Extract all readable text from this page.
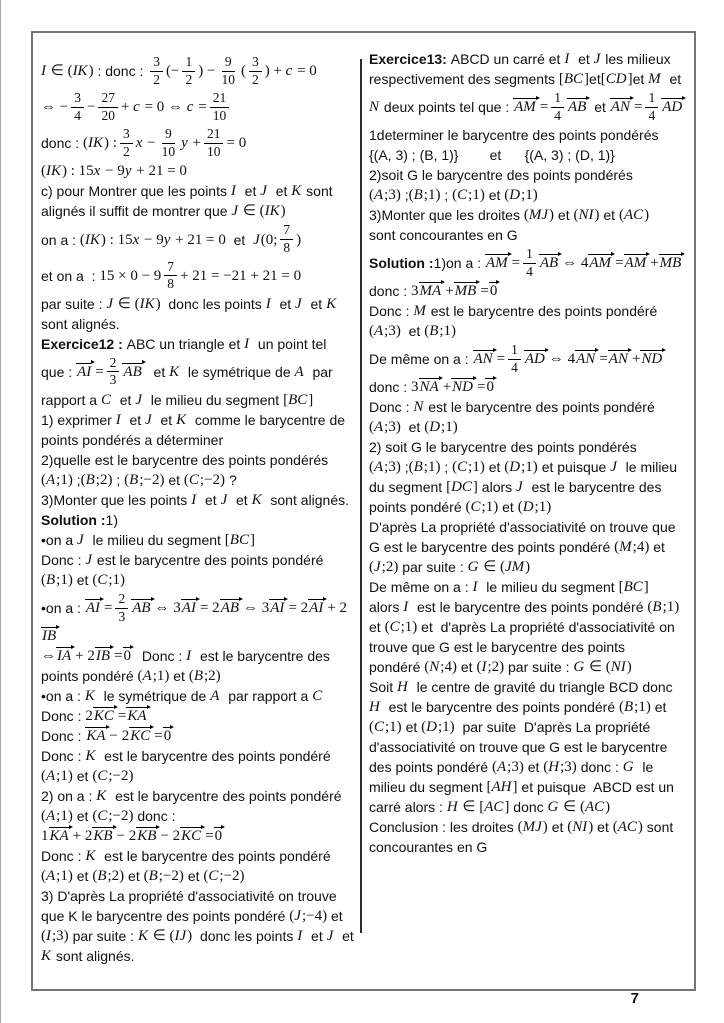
I ∈ (IK) : donc : $\frac{3}{2}$ (− $\frac{1}{2}$ ) − $\frac{9}{10}$ ( $\frac{3}{2}$ ) + c = 0
⇔ − $\frac{3}{4} - \frac{27}{20} + c = 0$ ⇔ $c = \frac{21}{10}$
donc : (IK) : $\frac{3}{2}$ $x - \frac{9}{10}$ $y + \frac{21}{10} = 0$
(IK) : 15x − 9y + 21 = 0
c) pour Montrer que les points I et J et K sont
alignés il suffit de montrer que J ∈ (IK)
on a : (IK) : 15x − 9y + 21 = 0 et J(0; $\frac{7}{8}$ )
et on a  : $15 \times 0 - 9 \frac{7}{8} + 21 = -21 + 21 = 0$
par suite : J ∈ (IK) donc les points I et J et K
sont alignés.
Exercice12 : ABC un triangle et I un point tel
que : AI = $\frac{2}{3}$ AB et K le symétrique de A par
rapport a C et J le milieu du segment [BC]
1) exprimer I et J et K comme le barycentre de
points pondérés a déterminer
2)quelle est le barycentre des points pondérés
(A;1) ; (B;2) ; (B;−2) et (C;−2) ?
3)Monter que les points I et J et K sont alignés.
Solution : 1)
•on a J le milieu du segment [BC]
Donc : J est le barycentre des points pondéré
(B;1) et (C;1)
•on a : AI = $\frac{2}{3}$ AB ⇔ 3 AI = 2 AB ⇔ 3 AI = 2 AI + 2
IB
⇔ IA + 2 IB = 0 Donc : I est le barycentre des
points pondéré (A;1) et (B;2)
•on a : K le symétrique de A par rapport a C
Donc : 2 KC = KA
Donc : KA − 2 KC = 0
Donc : K est le barycentre des points pondéré
(A;1) et (C;−2)
2) on a : K est le barycentre des points pondéré
(A;1) et (C;−2) donc :
1 KA + 2 KB − 2 KB − 2 KC = 0
Donc : K est le barycentre des points pondéré
(A;1) et (B;2) et (B;−2) et (C;−2)
3) D'après La propriété d'associativité on trouve
que K le barycentre des points pondéré (J;−4) et
(I;3) par suite : K ∈ (IJ) donc les points I et J et
K sont alignés.
Exercice13: ABCD un carré et I et J les milieux
respectivement des segments [BC] et [CD] et M et
N deux points tel que : AM = $\frac{1}{4}$ AB et AN = $\frac{1}{4}$ AD
1determiner le barycentre des points pondérés
{(A, 3) ; (B, 1)}        et      {(A, 3) ; (D, 1)}
2)soit G le barycentre des points pondérés
(A;3) ; (B;1) ; (C;1) et (D;1)
3)Monter que les droites (MJ) et (NI) et (AC)
sont concourantes en G
Solution : 1)on a : AM = $\frac{1}{4}$ AB ⇔ 4 AM = AM + MB
donc : 3 MA + MB = 0
Donc : M est le barycentre des points pondéré
(A;3) et (B;1)
De même on a : AN = $\frac{1}{4}$ AD ⇔ 4 AN = AN + ND
donc : 3 NA + ND = 0
Donc : N est le barycentre des points pondéré
(A;3) et (D;1)
2) soit G le barycentre des points pondérés
(A;3) ; (B;1) ; (C;1) et (D;1) et puisque J le milieu
du segment [DC] alors J est le barycentre des
points pondéré (C;1) et (D;1)
D'après La propriété d'associativité on trouve que
G est le barycentre des points pondéré (M;4) et
(J;2) par suite : G ∈ (JM)
De même on a : I le milieu du segment [BC]
alors I est le barycentre des points pondéré (B;1)
et (C;1) et  d'après La propriété d'associativité on
trouve que G est le barycentre des points
pondéré (N;4) et (I;2) par suite : G ∈ (NI)
Soit H le centre de gravité du triangle BCD donc
H est le barycentre des points pondéré (B;1) et
(C;1) et (D;1) par suite  D'après La propriété
d'associativité on trouve que G est le barycentre
des points pondéré (A;3) et (H;3) donc : G le
milieu du segment [AH] et puisque  ABCD est un
carré alors : H ∈ [AC] donc G ∈ (AC)
Conclusion : les droites (MJ) et (NI) et (AC) sont
concourantes en G
7
